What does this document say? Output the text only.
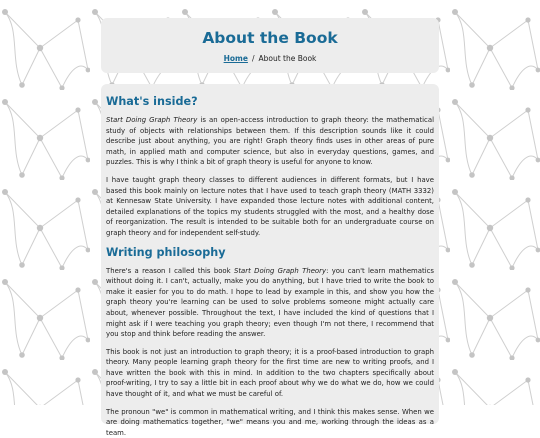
About the Book
Home / About the Book
What's inside?

Start Doing Graph Theory is an open-access introduction to graph theory: the mathematical study of objects with relationships between them. If this description sounds like it could describe just about anything, you are right! Graph theory finds uses in other areas of pure math, in applied math and computer science, but also in everyday questions, games, and puzzles. This is why I think a bit of graph theory is useful for anyone to know.

I have taught graph theory classes to different audiences in different formats, but I have based this book mainly on lecture notes that I have used to teach graph theory (MATH 3332) at Kennesaw State University. I have expanded those lecture notes with additional content, detailed explanations of the topics my students struggled with the most, and a healthy dose of reorganization. The result is intended to be suitable both for an undergraduate course on graph theory and for independent self-study.

Writing philosophy

There's a reason I called this book Start Doing Graph Theory: you can't learn mathematics without doing it. I can't, actually, make you do anything, but I have tried to write the book to make it easier for you to do math. I hope to lead by example in this, and show you how the graph theory you're learning can be used to solve problems someone might actually care about, whenever possible. Throughout the text, I have included the kind of questions that I might ask if I were teaching you graph theory; even though I'm not there, I recommend that you stop and think before reading the answer.

This book is not just an introduction to graph theory; it is a proof-based introduction to graph theory. Many people learning graph theory for the first time are new to writing proofs, and I have written the book with this in mind. In addition to the two chapters specifically about proof-writing, I try to say a little bit in each proof about why we do what we do, how we could have thought of it, and what we must be careful of.

The pronoun "we" is common in mathematical writing, and I think this makes sense. When we are doing mathematics together, "we" means you and me, working through the ideas as a team.
